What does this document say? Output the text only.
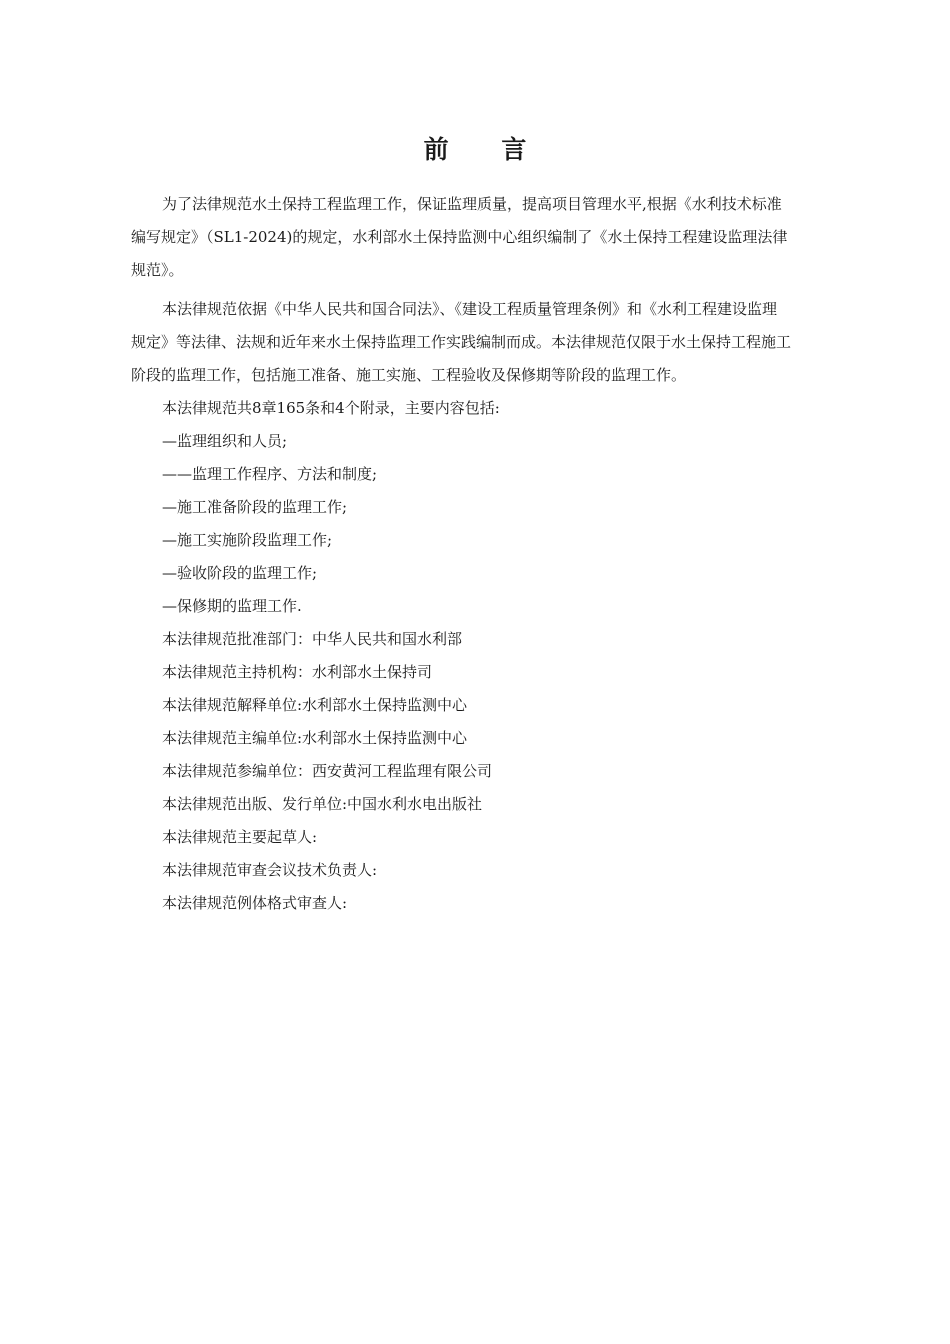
前 言
为了法律规范水土保持工程监理工作，保证监理质量，提高项目管理水平,根据《水利技术标准
编写规定》（SL1-2024)的规定，水利部水土保持监测中心组织编制了《水土保持工程建设监理法律
规范》。
本法律规范依据《中华人民共和国合同法》、《建设工程质量管理条例》和《水利工程建设监理
规定》等法律、法规和近年来水土保持监理工作实践编制而成。本法律规范仅限于水土保持工程施工
阶段的监理工作，包括施工准备、施工实施、工程验收及保修期等阶段的监理工作。
本法律规范共8章165条和4个附录，主要内容包括:
—监理组织和人员;
——监理工作程序、方法和制度;
—施工准备阶段的监理工作;
—施工实施阶段监理工作;
—验收阶段的监理工作;
—保修期的监理工作.
本法律规范批准部门：中华人民共和国水利部
本法律规范主持机构：水利部水土保持司
本法律规范解释单位:水利部水土保持监测中心
本法律规范主编单位:水利部水土保持监测中心
本法律规范参编单位：西安黄河工程监理有限公司
本法律规范出版、发行单位:中国水利水电出版社
本法律规范主要起草人:
本法律规范审查会议技术负责人:
本法律规范例体格式审查人:
